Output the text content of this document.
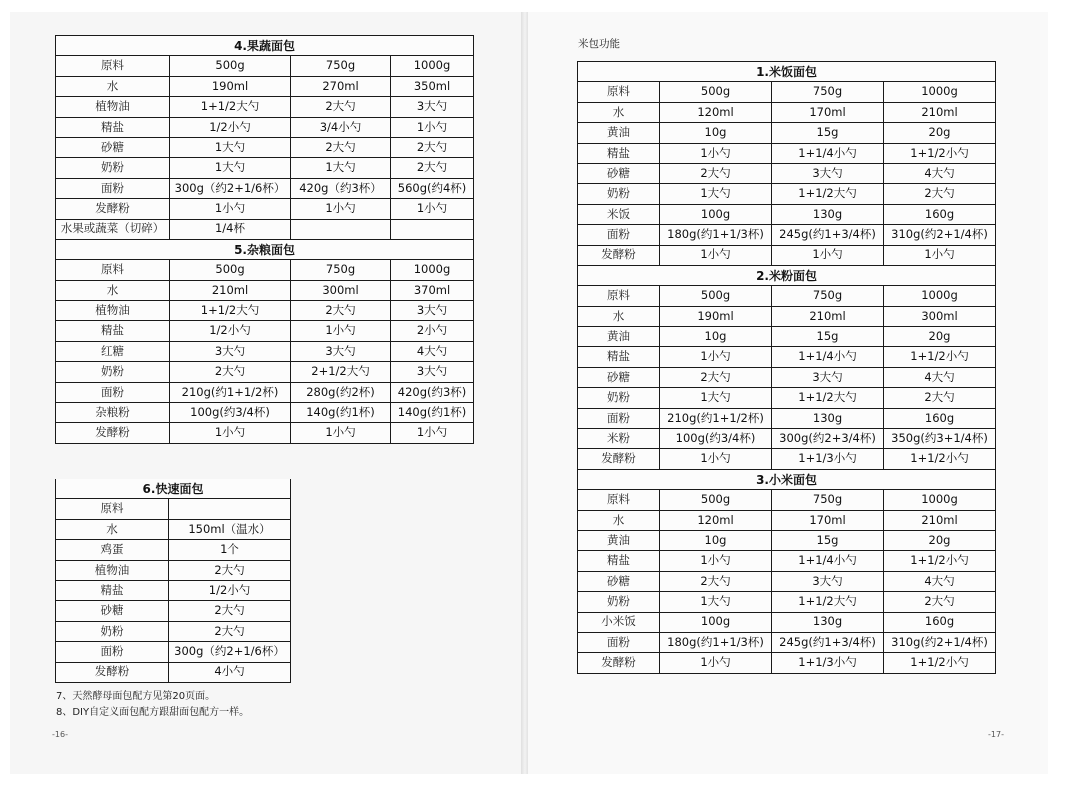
4.果蔬面包			
原料	500g	750g	1000g
水	190ml	270ml	350ml
植物油	1+1/2大勺	2大勺	3大勺
精盐	1/2小勺	3/4小勺	1小勺
砂糖	1大勺	2大勺	2大勺
奶粉	1大勺	1大勺	2大勺
面粉	300g（约2+1/6杯）	420g（约3杯）	560g(约4杯)
发酵粉	1小勺	1小勺	1小勺
水果或蔬菜（切碎）	1/4杯		
5.杂粮面包			
原料	500g	750g	1000g
水	210ml	300ml	370ml
植物油	1+1/2大勺	2大勺	3大勺
精盐	1/2小勺	1小勺	2小勺
红糖	3大勺	3大勺	4大勺
奶粉	2大勺	2+1/2大勺	3大勺
面粉	210g(约1+1/2杯)	280g(约2杯)	420g(约3杯)
杂粮粉	100g(约3/4杯)	140g(约1杯)	140g(约1杯)
发酵粉	1小勺	1小勺	1小勺
6.快速面包	
原料	
水	150ml（温水）
鸡蛋	1个
植物油	2大勺
精盐	1/2小勺
砂糖	2大勺
奶粉	2大勺
面粉	300g（约2+1/6杯）
发酵粉	4小勺
7、天然酵母面包配方见第20页面。
8、DIY自定义面包配方跟甜面包配方一样。
-16-
米包功能
1.米饭面包			
原料	500g	750g	1000g
水	120ml	170ml	210ml
黄油	10g	15g	20g
精盐	1小勺	1+1/4小勺	1+1/2小勺
砂糖	2大勺	3大勺	4大勺
奶粉	1大勺	1+1/2大勺	2大勺
米饭	100g	130g	160g
面粉	180g(约1+1/3杯)	245g(约1+3/4杯)	310g(约2+1/4杯)
发酵粉	1小勺	1小勺	1小勺
2.米粉面包			
原料	500g	750g	1000g
水	190ml	210ml	300ml
黄油	10g	15g	20g
精盐	1小勺	1+1/4小勺	1+1/2小勺
砂糖	2大勺	3大勺	4大勺
奶粉	1大勺	1+1/2大勺	2大勺
面粉	210g(约1+1/2杯)	130g	160g
米粉	100g(约3/4杯)	300g(约2+3/4杯)	350g(约3+1/4杯)
发酵粉	1小勺	1+1/3小勺	1+1/2小勺
3.小米面包			
原料	500g	750g	1000g
水	120ml	170ml	210ml
黄油	10g	15g	20g
精盐	1小勺	1+1/4小勺	1+1/2小勺
砂糖	2大勺	3大勺	4大勺
奶粉	1大勺	1+1/2大勺	2大勺
小米饭	100g	130g	160g
面粉	180g(约1+1/3杯)	245g(约1+3/4杯)	310g(约2+1/4杯)
发酵粉	1小勺	1+1/3小勺	1+1/2小勺
-17-
